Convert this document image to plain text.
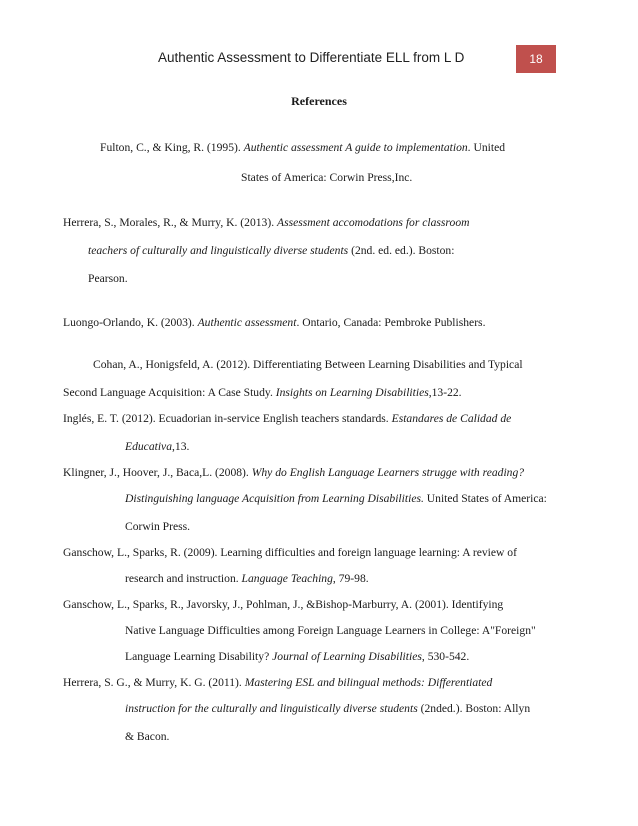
Authentic Assessment to Differentiate ELL from L D	18
References
Fulton, C., & King, R. (1995). Authentic assessment A guide to implementation. United
States of America: Corwin Press,Inc.
Herrera, S., Morales, R., & Murry, K. (2013). Assessment accomodations for classroom
teachers of culturally and linguistically diverse students (2nd. ed. ed.). Boston:
Pearson.
Luongo-Orlando, K. (2003). Authentic assessment. Ontario, Canada: Pembroke Publishers.
Cohan, A., Honigsfeld, A. (2012). Differentiating Between Learning Disabilities and Typical
Second Language Acquisition: A Case Study. Insights on Learning Disabilities,13-22.
Inglés, E. T. (2012). Ecuadorian in-service English teachers standards. Estandares de Calidad de
Educativa,13.
Klingner, J., Hoover, J., Baca,L. (2008). Why do English Language Learners strugge with reading?
Distinguishing language Acquisition from Learning Disabilities. United States of America:
Corwin Press.
Ganschow, L., Sparks, R. (2009). Learning difficulties and foreign language learning: A review of
research and instruction. Language Teaching, 79-98.
Ganschow, L., Sparks, R., Javorsky, J., Pohlman, J., &Bishop-Marburry, A. (2001). Identifying
Native Language Difficulties among Foreign Language Learners in College: A"Foreign"
Language Learning Disability? Journal of Learning Disabilities, 530-542.
Herrera, S. G., & Murry, K. G. (2011). Mastering ESL and bilingual methods: Differentiated
instruction for the culturally and linguistically diverse students (2nded.). Boston: Allyn
& Bacon.
